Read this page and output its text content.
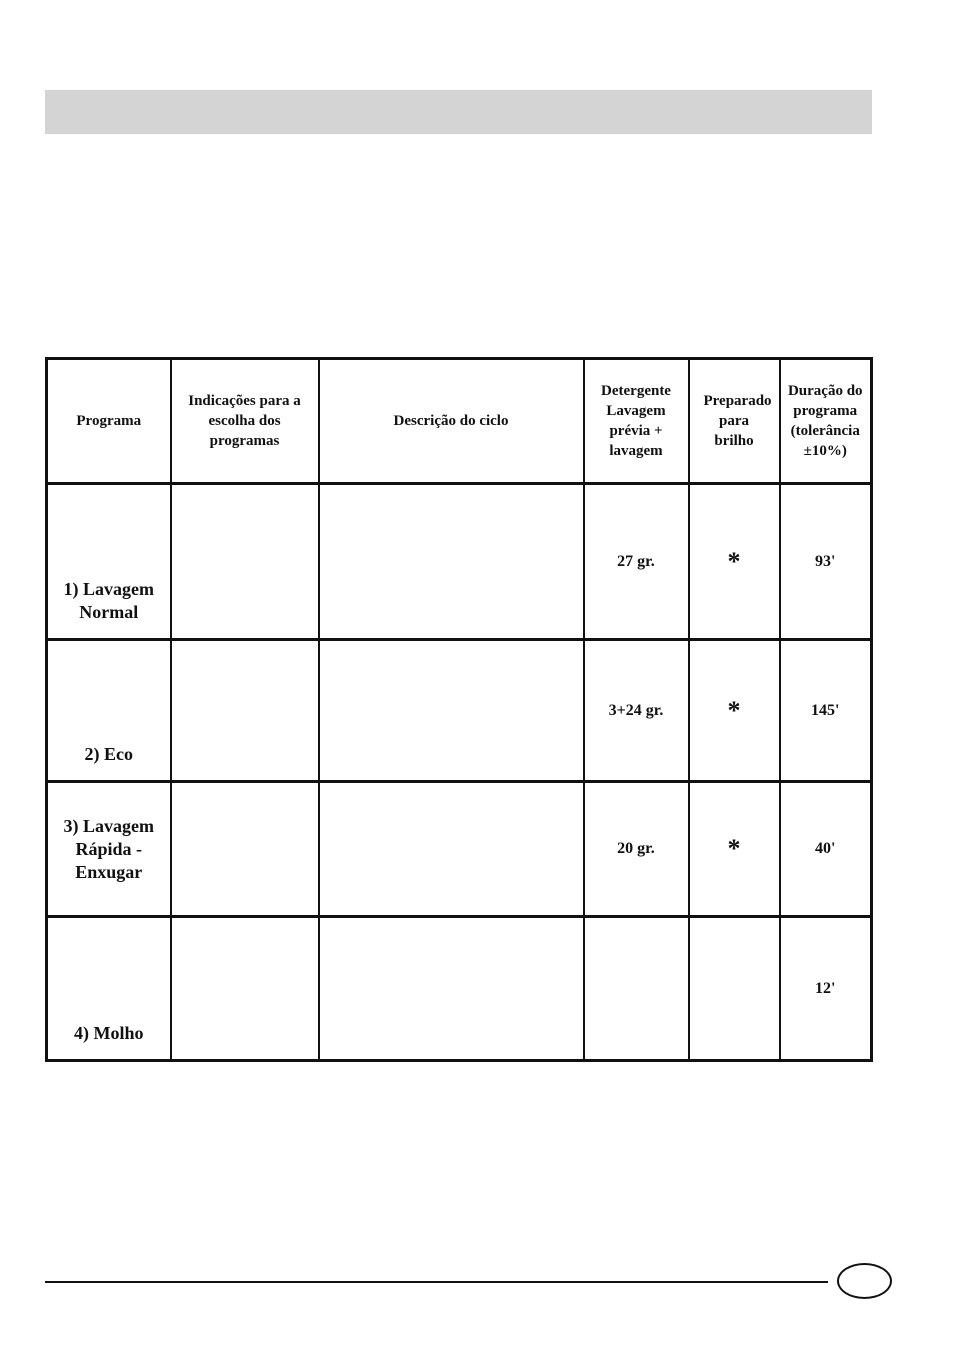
Programa	Indicações para a escolha dos programas	Descrição do ciclo	Detergente Lavagem prévia + lavagem	Preparado para brilho	Duração do programa (tolerância ±10%)
1) Lavagem Normal			27 gr.	*	93'
2) Eco			3+24 gr.	*	145'
3) Lavagem Rápida - Enxugar			20 gr.	*	40'
4) Molho					12'
